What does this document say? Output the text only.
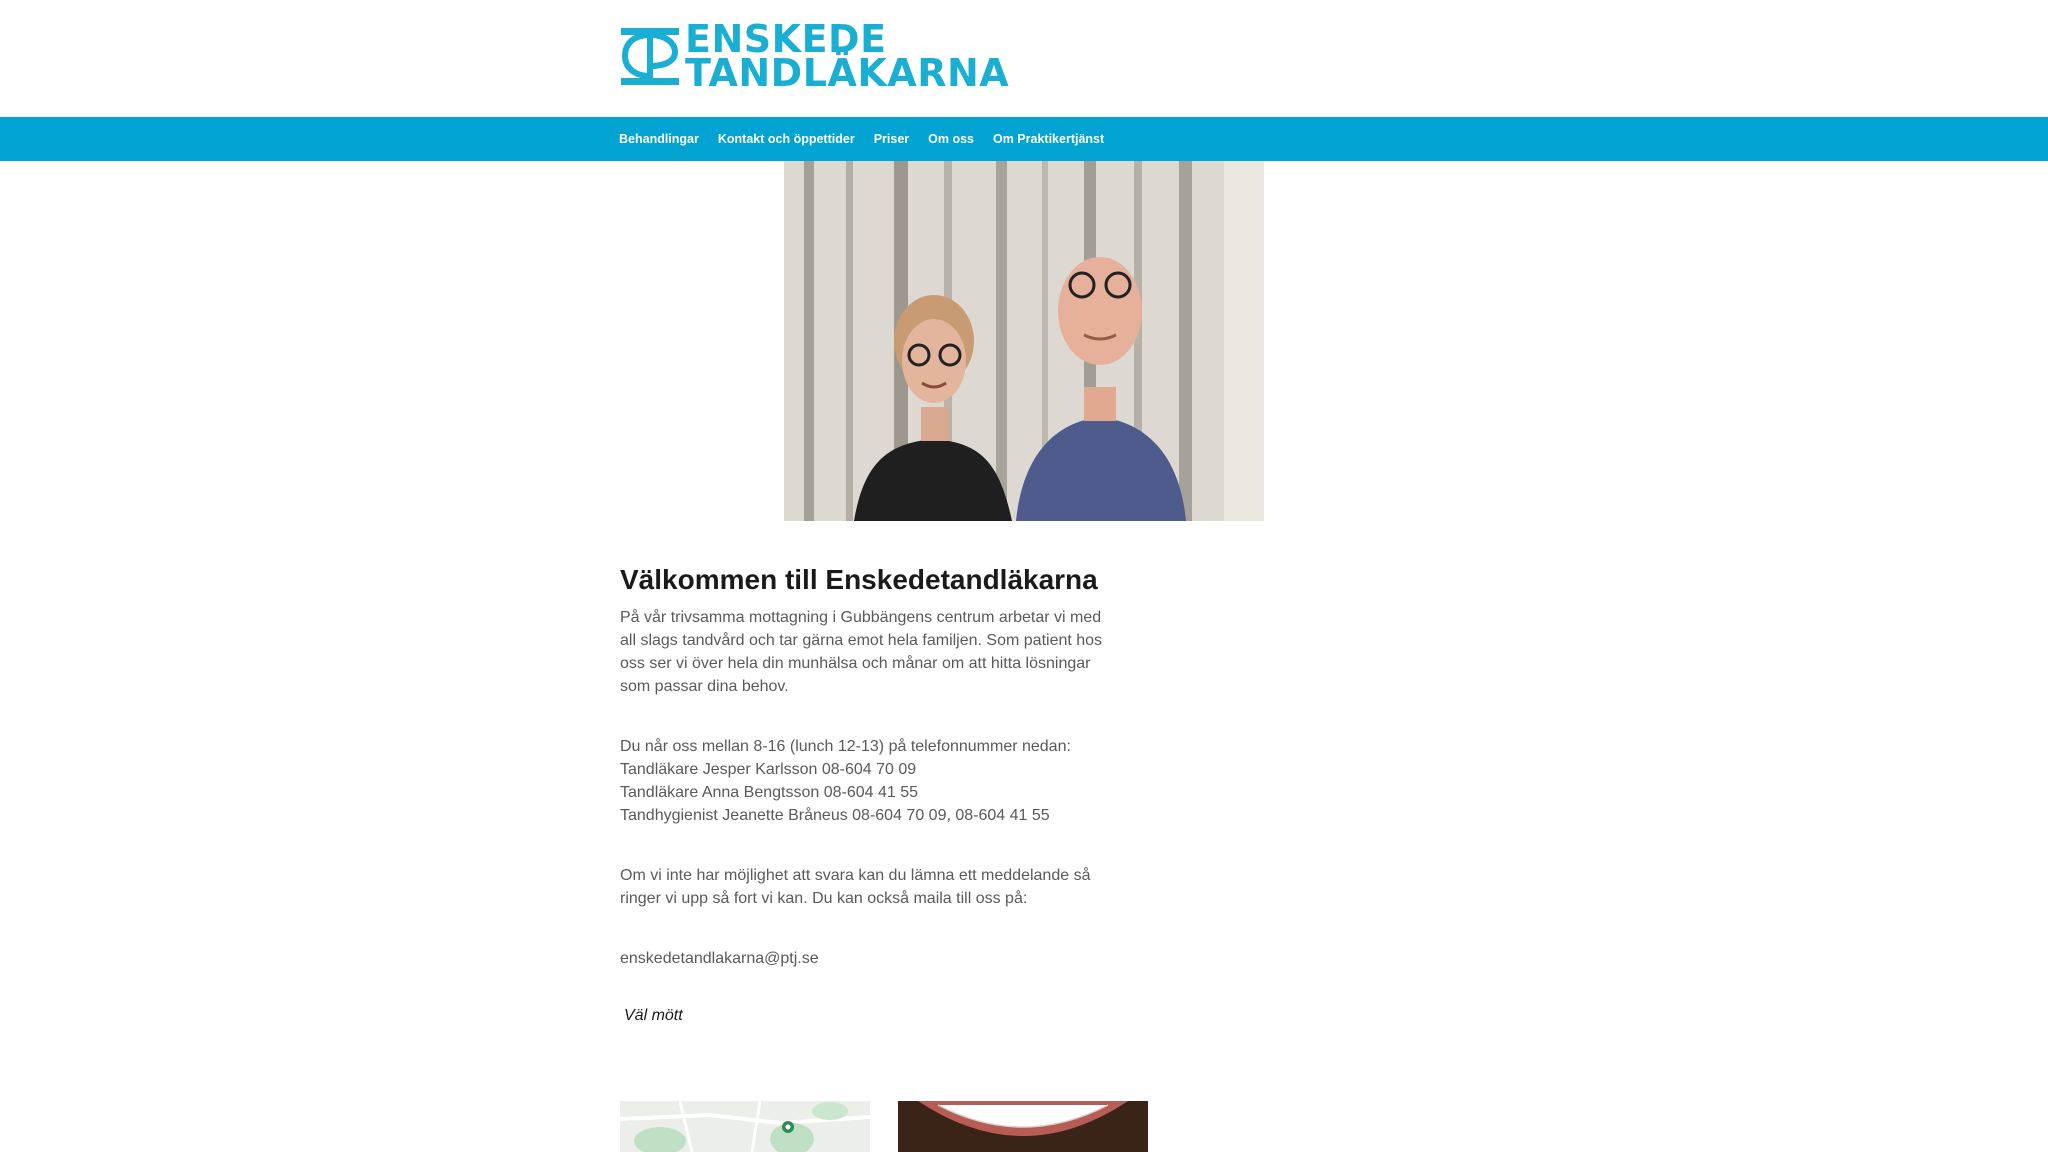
ENSKEDE
TANDLÄKARNA
Behandlingar Kontakt och öppettider Priser Om oss Om Praktikertjänst
Välkommen till Enskedetandläkarna

På vår trivsamma mottagning i Gubbängens centrum arbetar vi med
all slags tandvård och tar gärna emot hela familjen. Som patient hos
oss ser vi över hela din munhälsa och månar om att hitta lösningar
som passar dina behov.

Du når oss mellan 8-16 (lunch 12-13) på telefonnummer nedan:
Tandläkare Jesper Karlsson 08-604 70 09
Tandläkare Anna Bengtsson 08-604 41 55
Tandhygienist Jeanette Bråneus 08-604 70 09, 08-604 41 55

Om vi inte har möjlighet att svara kan du lämna ett meddelande så
ringer vi upp så fort vi kan. Du kan också maila till oss på:

enskedetandlakarna@ptj.se
Väl mött
